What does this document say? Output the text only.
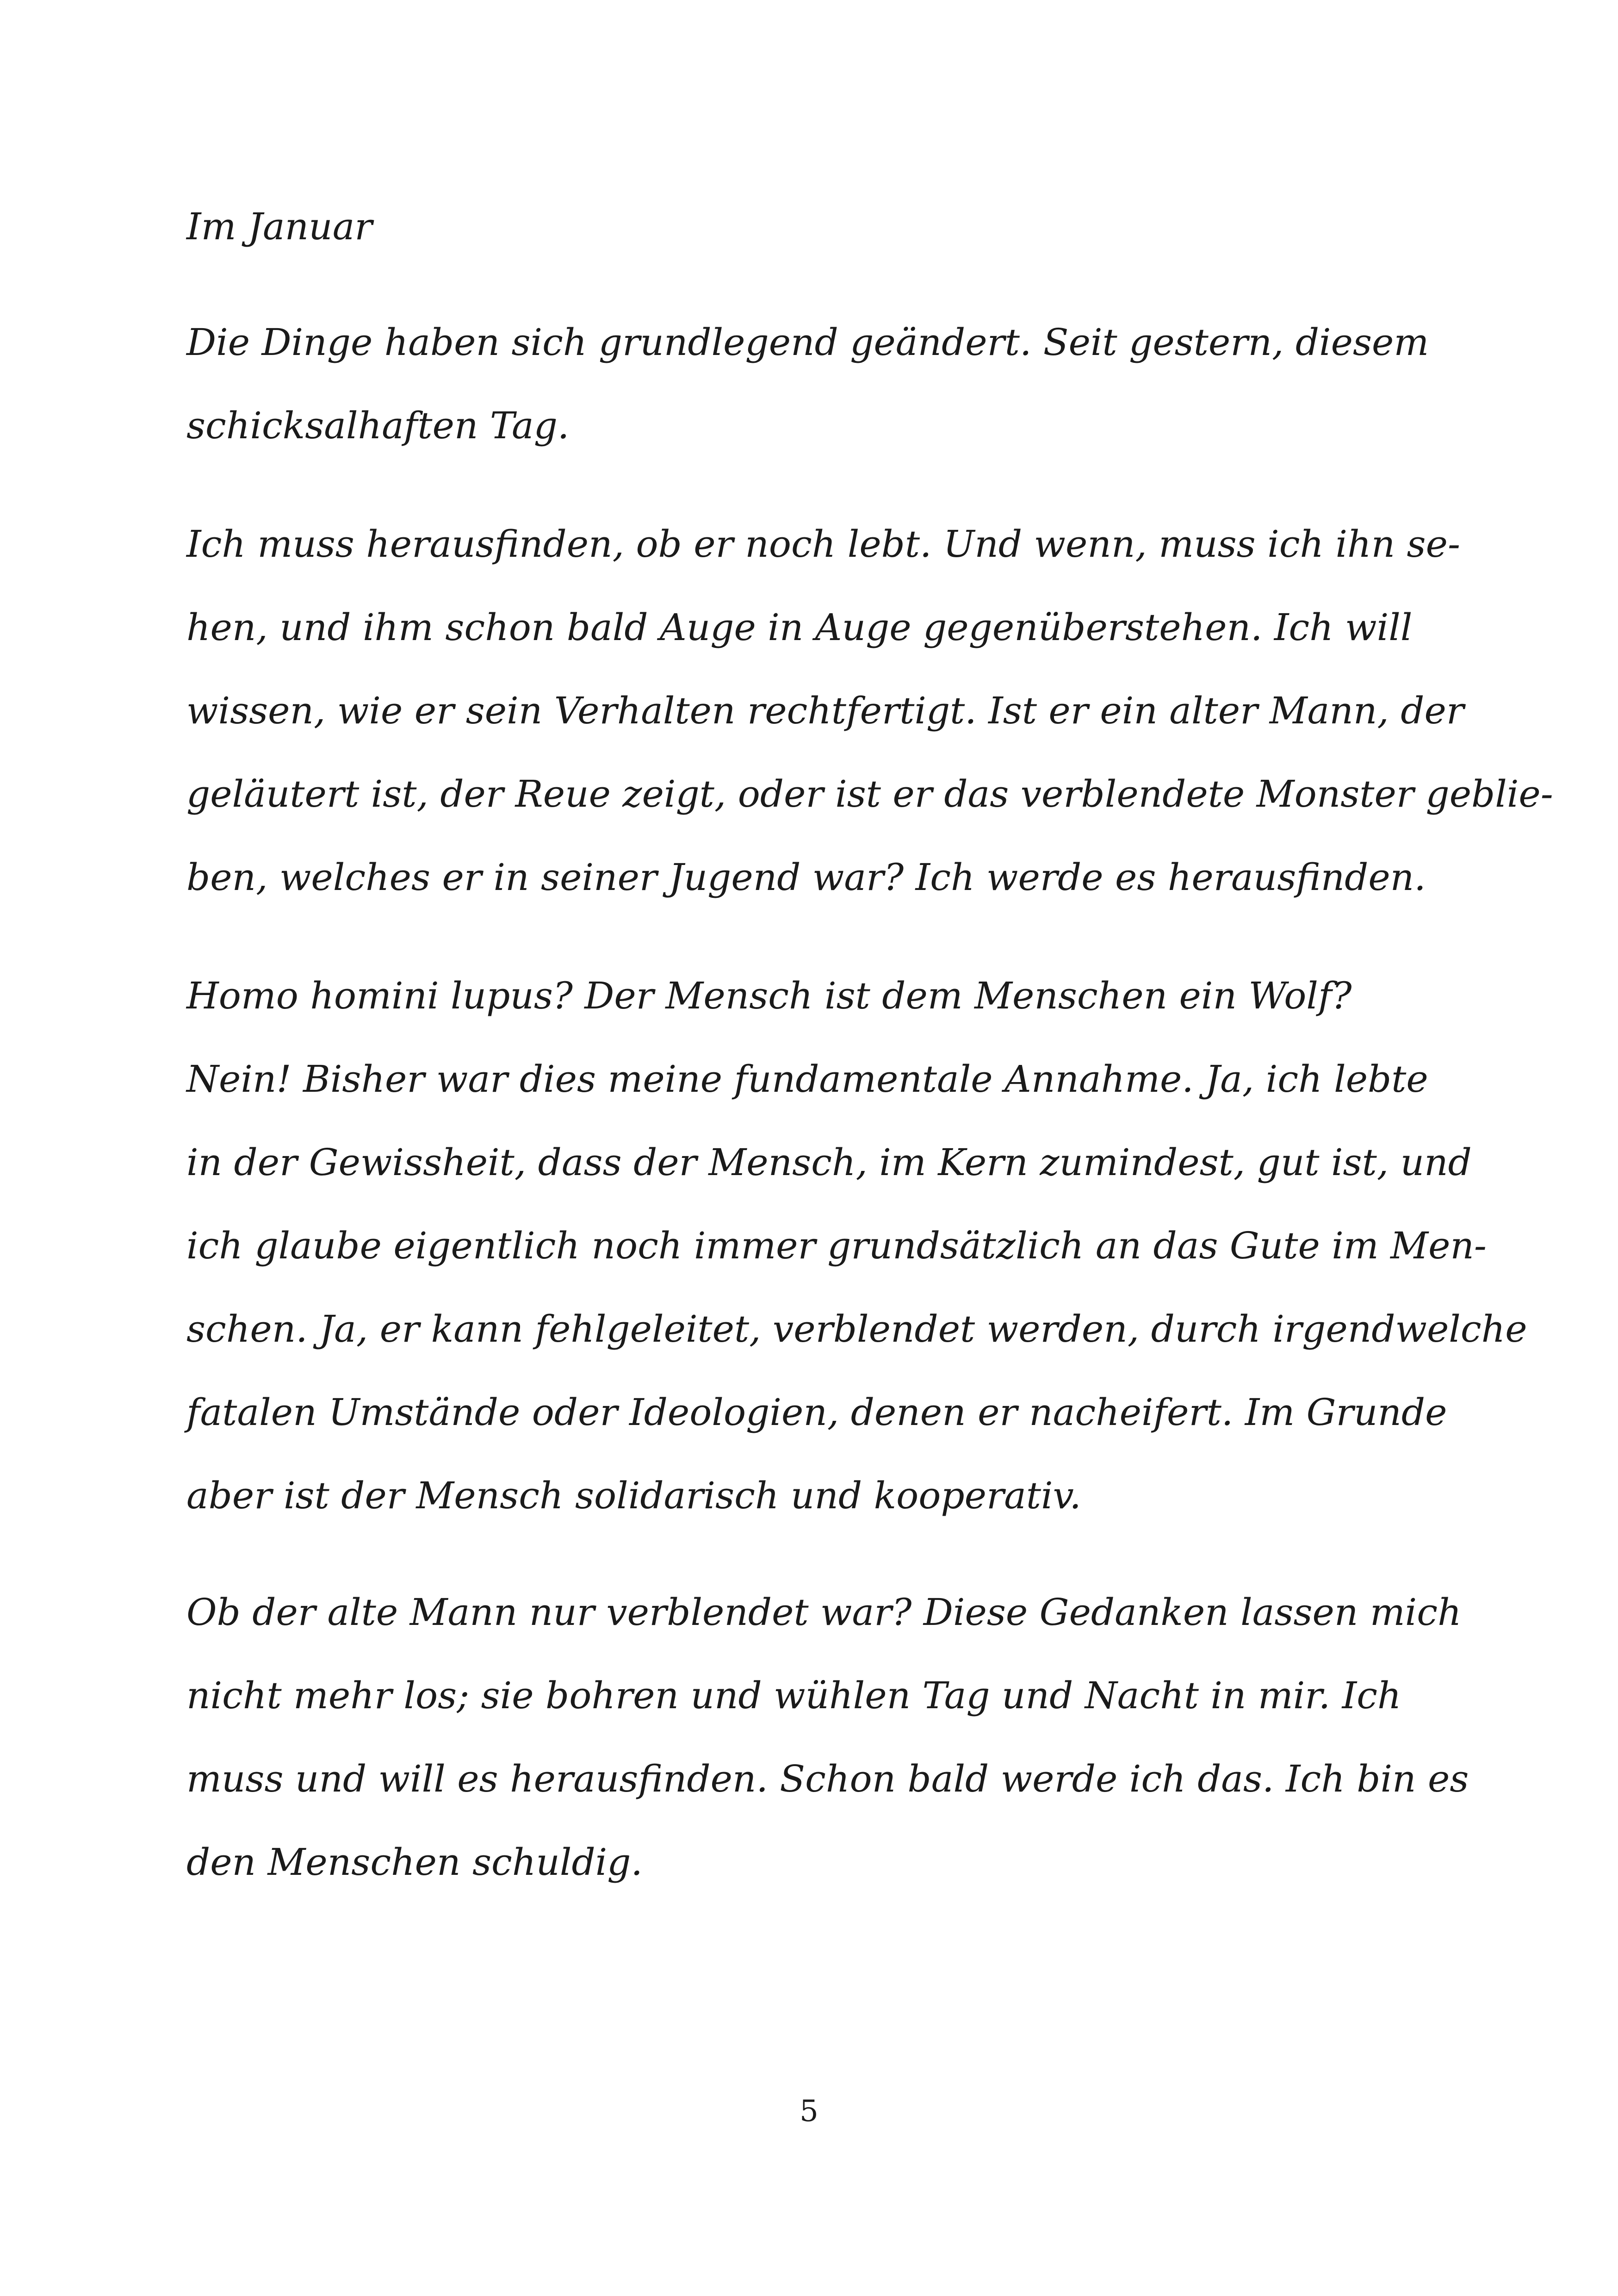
Im Januar
Die Dinge haben sich grundlegend geändert. Seit gestern, diesem
schicksalhaften Tag.
Ich muss herausfinden, ob er noch lebt. Und wenn, muss ich ihn se-
hen, und ihm schon bald Auge in Auge gegenüberstehen. Ich will
wissen, wie er sein Verhalten rechtfertigt. Ist er ein alter Mann, der
geläutert ist, der Reue zeigt, oder ist er das verblendete Monster geblie-
ben, welches er in seiner Jugend war? Ich werde es herausfinden.
Homo homini lupus? Der Mensch ist dem Menschen ein Wolf?
Nein! Bisher war dies meine fundamentale Annahme. Ja, ich lebte
in der Gewissheit, dass der Mensch, im Kern zumindest, gut ist, und
ich glaube eigentlich noch immer grundsätzlich an das Gute im Men-
schen. Ja, er kann fehlgeleitet, verblendet werden, durch irgendwelche
fatalen Umstände oder Ideologien, denen er nacheifert. Im Grunde
aber ist der Mensch solidarisch und kooperativ.
Ob der alte Mann nur verblendet war? Diese Gedanken lassen mich
nicht mehr los; sie bohren und wühlen Tag und Nacht in mir. Ich
muss und will es herausfinden. Schon bald werde ich das. Ich bin es
den Menschen schuldig.
5
